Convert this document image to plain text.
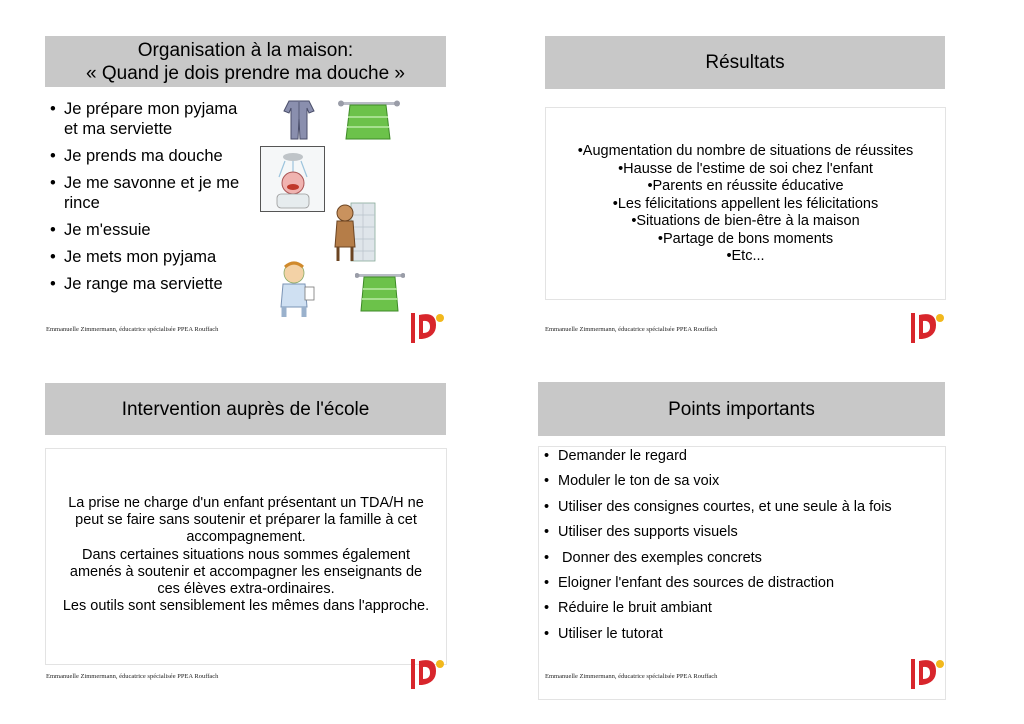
Organisation à la maison:
« Quand je dois prendre ma douche »
• Je prépare mon pyjama et ma serviette
• Je prends ma douche
• Je me savonne et je me rince
• Je m'essuie
• Je mets mon pyjama
• Je range ma serviette
Emmanuelle Zimmermann, éducatrice spécialisée PPEA Rouffach
Résultats
•Augmentation du nombre de situations de réussites
•Hausse de l'estime de soi chez l'enfant
•Parents en réussite éducative
•Les félicitations appellent les félicitations
•Situations de bien-être à la maison
•Partage de bons moments
•Etc...
Emmanuelle Zimmermann, éducatrice spécialisée PPEA Rouffach
Intervention auprès de l'école
La prise ne charge d'un enfant présentant un TDA/H ne
peut se faire sans soutenir et préparer la famille à cet
accompagnement.
Dans certaines situations nous sommes également
amenés à soutenir et accompagner les enseignants de
ces élèves extra-ordinaires.
Les outils sont sensiblement les mêmes dans l'approche.
Emmanuelle Zimmermann, éducatrice spécialisée PPEA Rouffach
Points importants
• Demander le regard
• Moduler le ton de sa voix
• Utiliser des consignes courtes, et une seule à la fois
• Utiliser des supports visuels
•  Donner des exemples concrets
• Eloigner l'enfant des sources de distraction
• Réduire le bruit ambiant
• Utiliser le tutorat
Emmanuelle Zimmermann, éducatrice spécialisée PPEA Rouffach
